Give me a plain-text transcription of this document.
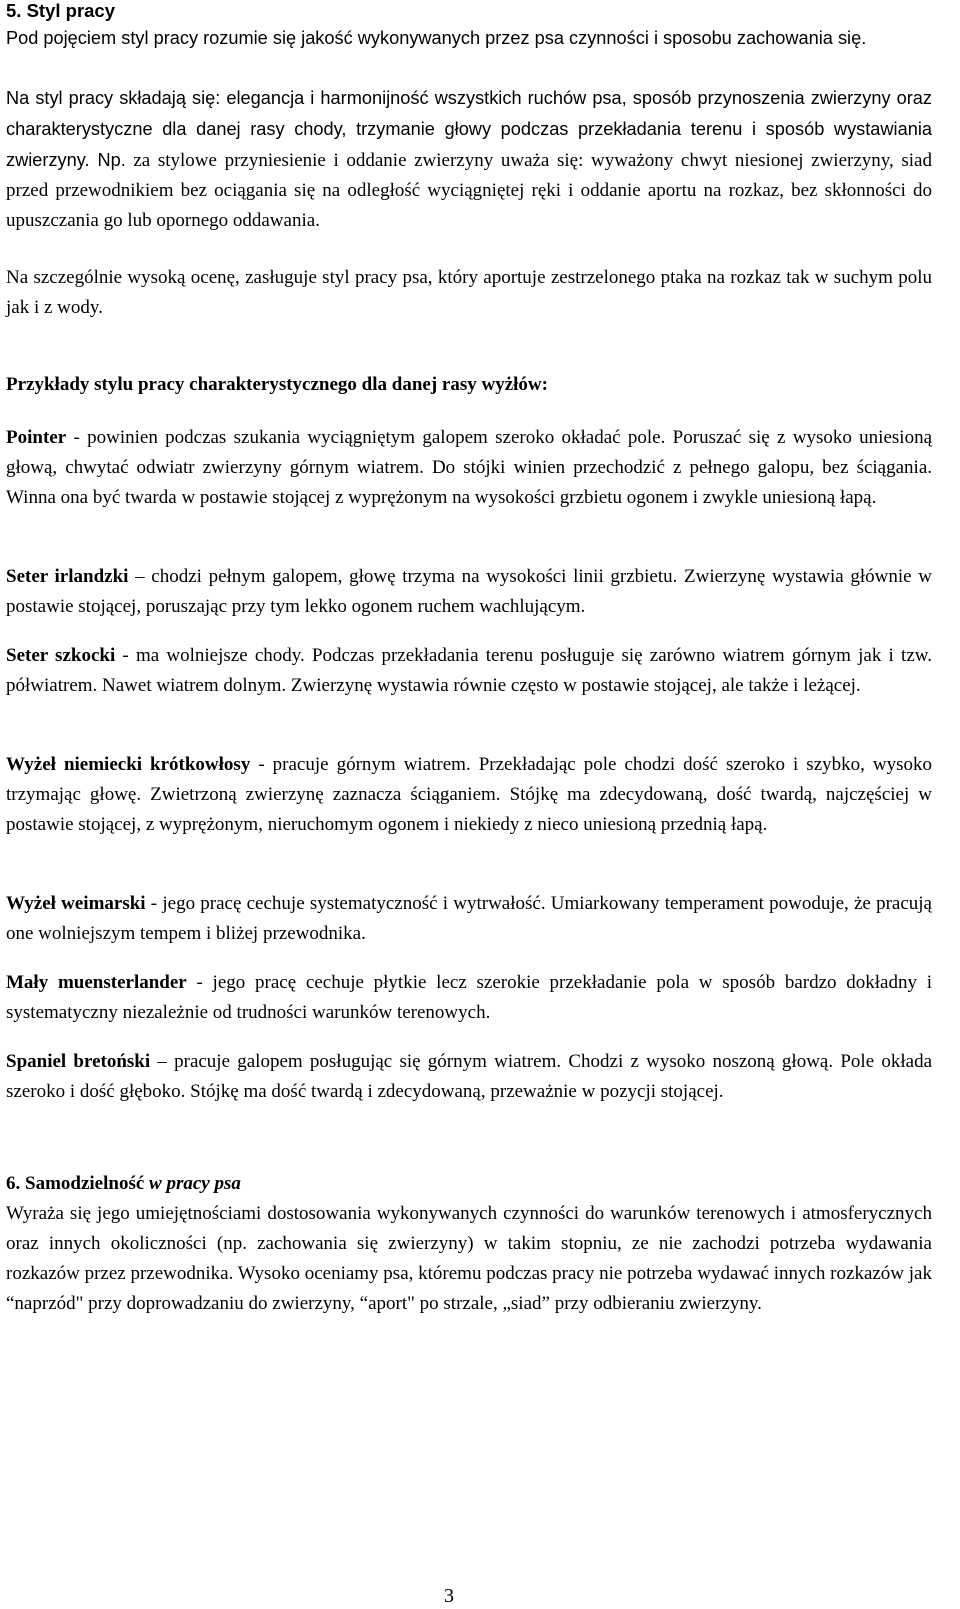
5. Styl pracy

Pod pojęciem styl pracy rozumie się jakość wykonywanych przez psa czynności i sposobu zachowania się.

Na styl pracy składają się: elegancja i harmonijność wszystkich ruchów psa, sposób przynoszenia zwierzyny oraz charakterystyczne dla danej rasy chody, trzymanie głowy podczas przekładania terenu i sposób wystawiania zwierzyny. Np. za stylowe przyniesienie i oddanie zwierzyny uważa się: wyważony chwyt niesionej zwierzyny, siad przed przewodnikiem bez ociągania się na odległość wyciągniętej ręki i oddanie aportu na rozkaz, bez skłonności do upuszczania go lub opornego oddawania.

Na szczególnie wysoką ocenę, zasługuje styl pracy psa, który aportuje zestrzelonego ptaka na rozkaz tak w suchym polu jak i z wody.

Przykłady stylu pracy charakterystycznego dla danej rasy wyżłów:

Pointer - powinien podczas szukania wyciągniętym galopem szeroko okładać pole. Poruszać się z wysoko uniesioną głową, chwytać odwiatr zwierzyny górnym wiatrem. Do stójki winien przechodzić z pełnego galopu, bez ściągania. Winna ona być twarda w postawie stojącej z wyprężonym na wysokości grzbietu ogonem i zwykle uniesioną łapą.

Seter irlandzki – chodzi pełnym galopem, głowę trzyma na wysokości linii grzbietu. Zwierzynę wystawia głównie w postawie stojącej, poruszając przy tym lekko ogonem ruchem wachlującym.

Seter szkocki - ma wolniejsze chody. Podczas przekładania terenu posługuje się zarówno wiatrem górnym jak i tzw. półwiatrem. Nawet wiatrem dolnym. Zwierzynę wystawia równie często w postawie stojącej, ale także i leżącej.

Wyżeł niemiecki krótkowłosy - pracuje górnym wiatrem. Przekładając pole chodzi dość szeroko i szybko, wysoko trzymając głowę. Zwietrzoną zwierzynę zaznacza ściąganiem. Stójkę ma zdecydowaną, dość twardą, najczęściej w postawie stojącej, z wyprężonym, nieruchomym ogonem i niekiedy z nieco uniesioną przednią łapą.

Wyżeł weimarski - jego pracę cechuje systematyczność i wytrwałość. Umiarkowany temperament powoduje, że pracują one wolniejszym tempem i bliżej przewodnika.

Mały muensterlander - jego pracę cechuje płytkie lecz szerokie przekładanie pola w sposób bardzo dokładny i systematyczny niezależnie od trudności warunków terenowych.

Spaniel bretoński – pracuje galopem posługując się górnym wiatrem. Chodzi z wysoko noszoną głową. Pole okłada szeroko i dość głęboko. Stójkę ma dość twardą i zdecydowaną, przeważnie w pozycji stojącej.

6. Samodzielność w pracy psa

Wyraża się jego umiejętnościami dostosowania wykonywanych czynności do warunków terenowych i atmosferycznych oraz innych okoliczności (np. zachowania się zwierzyny) w takim stopniu, ze nie zachodzi potrzeba wydawania rozkazów przez przewodnika. Wysoko oceniamy psa, któremu podczas pracy nie potrzeba wydawać innych rozkazów jak “naprzód" przy doprowadzaniu do zwierzyny, “aport" po strzale, „siad” przy odbieraniu zwierzyny.

3
